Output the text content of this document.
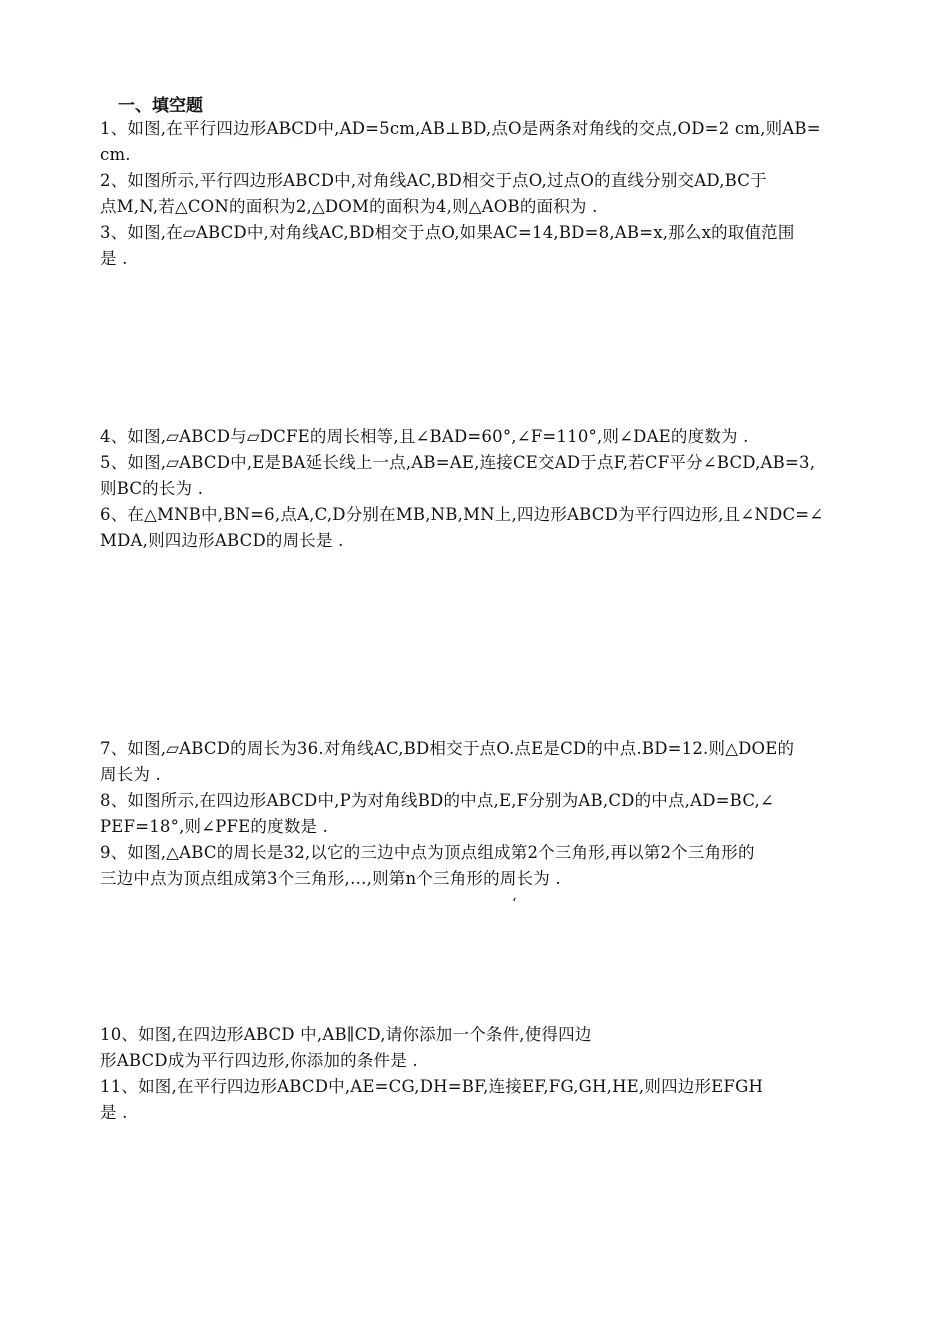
一、填空题
1、如图,在平行四边形ABCD中,AD=5cm,AB⊥BD,点O是两条对角线的交点,OD=2 cm,则AB=
cm.
2、如图所示,平行四边形ABCD中,对角线AC,BD相交于点O,过点O的直线分别交AD,BC于
点M,N,若△CON的面积为2,△DOM的面积为4,则△AOB的面积为 .
3、如图,在▱ABCD中,对角线AC,BD相交于点O,如果AC=14,BD=8,AB=x,那么x的取值范围
是 .
4、如图,▱ABCD与▱DCFE的周长相等,且∠BAD=60°,∠F=110°,则∠DAE的度数为 .
5、如图,▱ABCD中,E是BA延长线上一点,AB=AE,连接CE交AD于点F,若CF平分∠BCD,AB=3,
则BC的长为 .
6、在△MNB中,BN=6,点A,C,D分别在MB,NB,MN上,四边形ABCD为平行四边形,且∠NDC=∠
MDA,则四边形ABCD的周长是 .
7、如图,▱ABCD的周长为36.对角线AC,BD相交于点O.点E是CD的中点.BD=12.则△DOE的
周长为 .
8、如图所示,在四边形ABCD中,P为对角线BD的中点,E,F分别为AB,CD的中点,AD=BC,∠
PEF=18°,则∠PFE的度数是 .
9、如图,△ABC的周长是32,以它的三边中点为顶点组成第2个三角形,再以第2个三角形的
三边中点为顶点组成第3个三角形,…,则第n个三角形的周长为 .
‘
10、如图,在四边形ABCD 中,AB∥CD,请你添加一个条件,使得四边
形ABCD成为平行四边形,你添加的条件是 .
11、如图,在平行四边形ABCD中,AE=CG,DH=BF,连接EF,FG,GH,HE,则四边形EFGH
是 .
